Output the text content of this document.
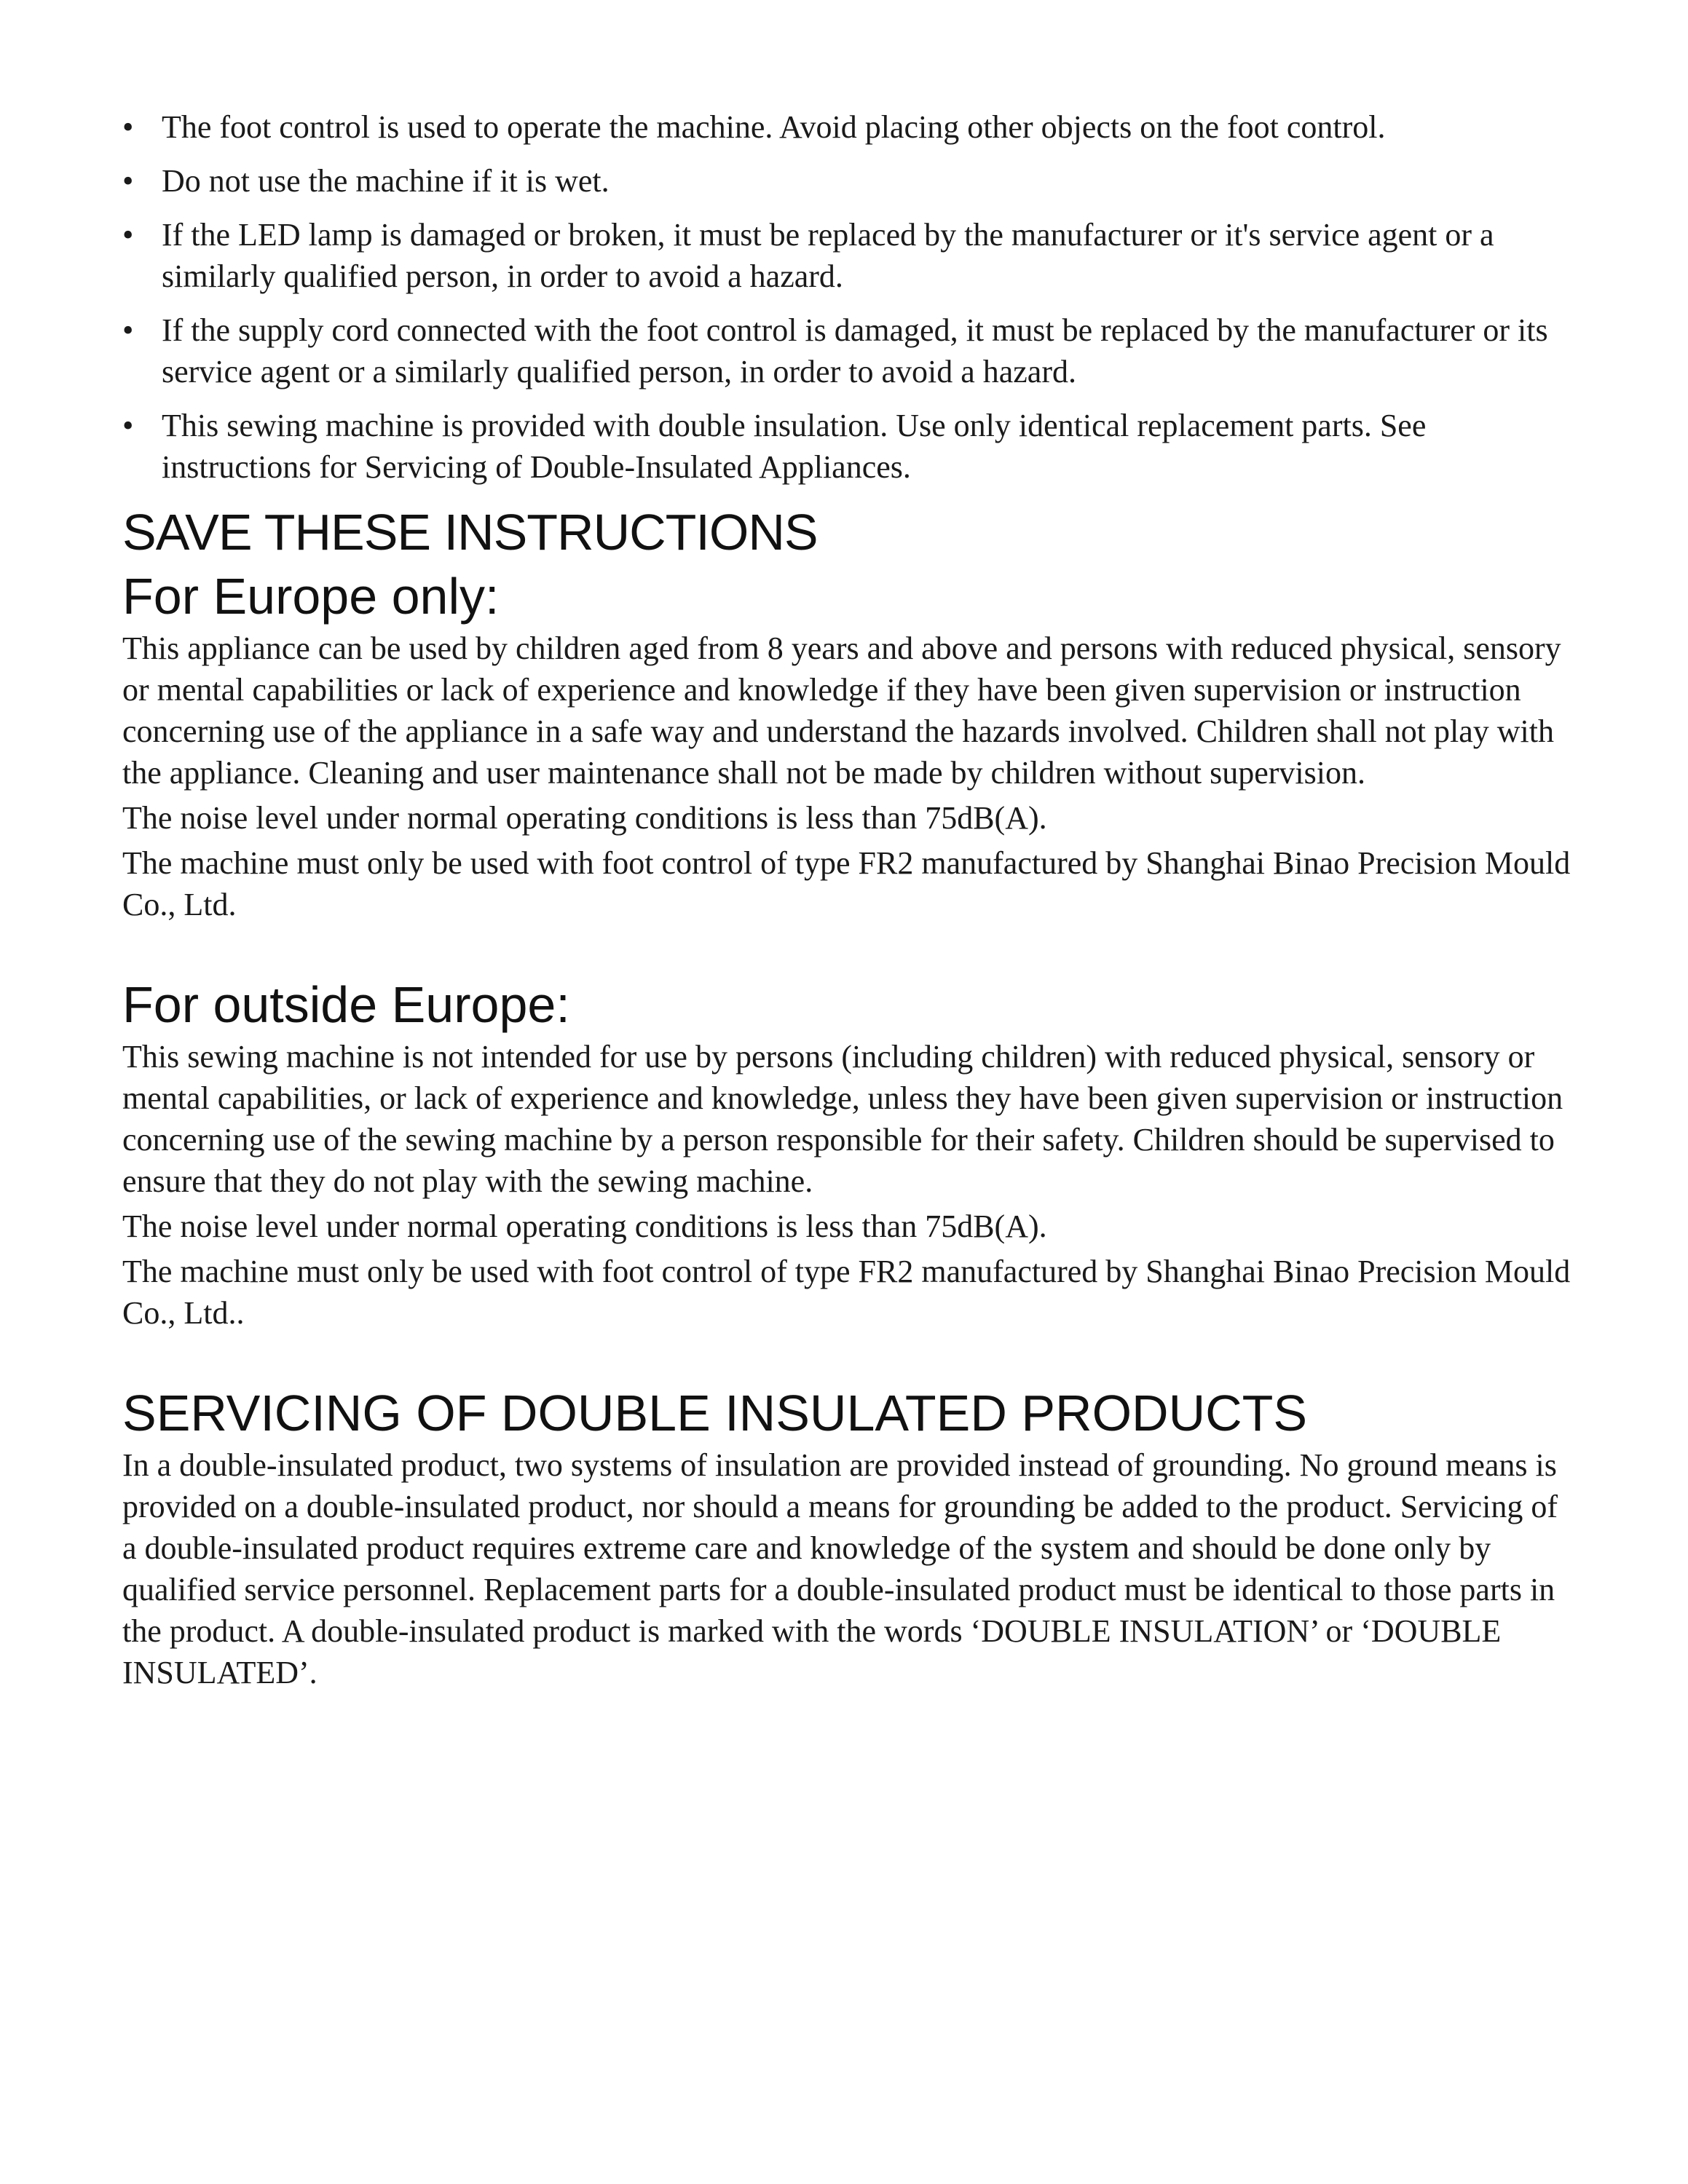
• The foot control is used to operate the machine. Avoid placing other objects on the foot control.
• Do not use the machine if it is wet.
• If the LED lamp is damaged or broken, it must be replaced by the manufacturer or it's service agent or a similarly qualified person, in order to avoid a hazard.
• If the supply cord connected with the foot control is damaged, it must be replaced by the manufacturer or its service agent or a similarly qualified person, in order to avoid a hazard.
• This sewing machine is provided with double insulation. Use only identical replacement parts. See instructions for Servicing of Double-Insulated Appliances.
SAVE THESE INSTRUCTIONS
For Europe only:

This appliance can be used by children aged from 8 years and above and persons with reduced physical, sensory or mental capabilities or lack of experience and knowledge if they have been given supervision or instruction concerning use of the appliance in a safe way and understand the hazards involved. Children shall not play with the appliance. Cleaning and user maintenance shall not be made by children without supervision.

The noise level under normal operating conditions is less than 75dB(A).

The machine must only be used with foot control of type FR2 manufactured by Shanghai Binao Precision Mould Co., Ltd.

For outside Europe:

This sewing machine is not intended for use by persons (including children) with reduced physical, sensory or mental capabilities, or lack of experience and knowledge, unless they have been given supervision or instruction concerning use of the sewing machine by a person responsible for their safety. Children should be supervised to ensure that they do not play with the sewing machine.

The noise level under normal operating conditions is less than 75dB(A).

The machine must only be used with foot control of type FR2 manufactured by Shanghai Binao Precision Mould Co., Ltd..

SERVICING OF DOUBLE INSULATED PRODUCTS

In a double-insulated product, two systems of insulation are provided instead of grounding. No ground means is provided on a double-insulated product, nor should a means for grounding be added to the product. Servicing of a double-insulated product requires extreme care and knowledge of the system and should be done only by qualified service personnel. Replacement parts for a double-insulated product must be identical to those parts in the product. A double-insulated product is marked with the words ‘DOUBLE INSULATION’ or ‘DOUBLE INSULATED’.
